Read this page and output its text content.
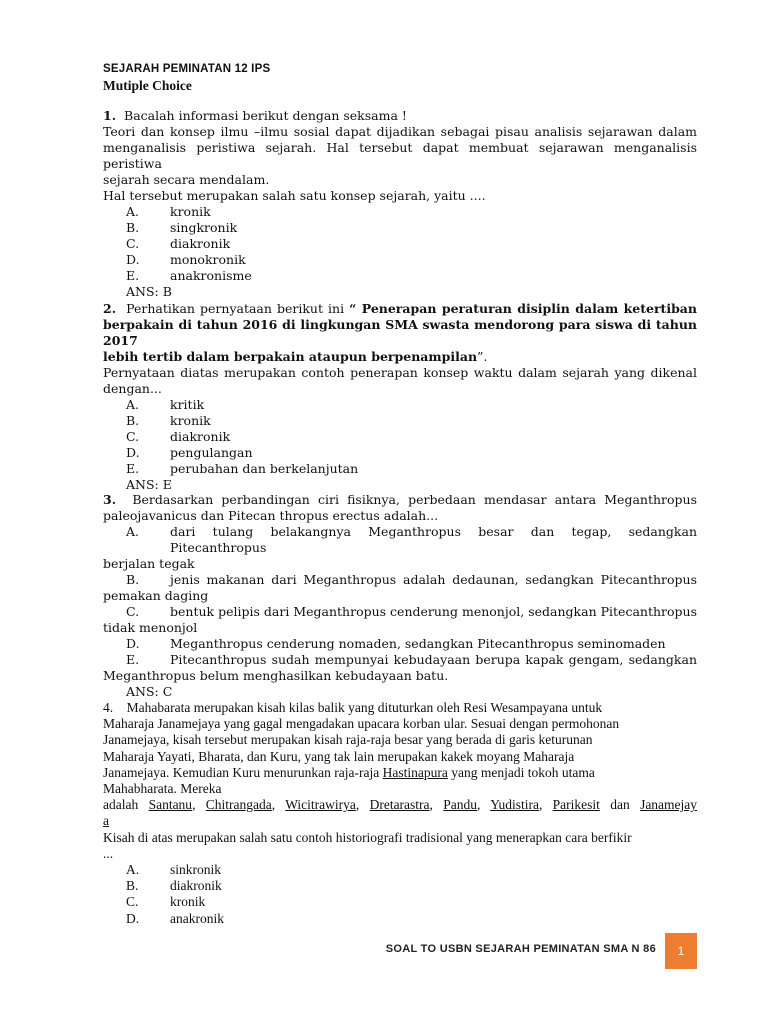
SEJARAH PEMINATAN 12 IPS
Mutiple Choice
1. Bacalah informasi berikut dengan seksama !
Teori dan konsep ilmu –ilmu sosial dapat dijadikan sebagai pisau analisis sejarawan dalam
menganalisis peristiwa sejarah. Hal tersebut dapat membuat sejarawan menganalisis peristiwa
sejarah secara mendalam.
Hal tersebut merupakan salah satu konsep sejarah, yaitu ....
A. kronik
B. singkronik
C. diakronik
D. monokronik
E. anakronisme
ANS: B
2. Perhatikan pernyataan berikut ini “ Penerapan peraturan disiplin dalam ketertiban
berpakain di tahun 2016 di lingkungan SMA swasta mendorong para siswa di tahun 2017
lebih tertib dalam berpakain ataupun berpenampilan”.
Pernyataan diatas merupakan contoh penerapan konsep waktu dalam sejarah yang dikenal
dengan...
A. kritik
B. kronik
C. diakronik
D. pengulangan
E. perubahan dan berkelanjutan
ANS: E
3. Berdasarkan perbandingan ciri fisiknya, perbedaan mendasar antara Meganthropus
paleojavanicus dan Pitecan thropus erectus adalah...
A. dari tulang belakangnya Meganthropus besar dan tegap, sedangkan Pitecanthropus
berjalan tegak
B. jenis makanan dari Meganthropus adalah dedaunan, sedangkan Pitecanthropus
pemakan daging
C. bentuk pelipis dari Meganthropus cenderung menonjol, sedangkan Pitecanthropus
tidak menonjol
D. Meganthropus cenderung nomaden, sedangkan Pitecanthropus seminomaden
E. Pitecanthropus sudah mempunyai kebudayaan berupa kapak gengam, sedangkan
Meganthropus belum menghasilkan kebudayaan batu.
ANS: C
4.    Mahabarata merupakan kisah kilas balik yang dituturkan oleh Resi Wesampayana untuk
Maharaja Janamejaya yang gagal mengadakan upacara korban ular. Sesuai dengan permohonan
Janamejaya, kisah tersebut merupakan kisah raja-raja besar yang berada di garis keturunan
Maharaja Yayati, Bharata, dan Kuru, yang tak lain merupakan kakek moyang Maharaja
Janamejaya. Kemudian Kuru menurunkan raja-raja Hastinapura yang menjadi tokoh utama
Mahabharata. Mereka
adalah Santanu, Chitrangada, Wicitrawirya, Dretarastra, Pandu, Yudistira, Parikesit dan Janamejay
a
Kisah di atas merupakan salah satu contoh historiografi tradisional yang menerapkan cara berfikir
...
A. sinkronik
B. diakronik
C. kronik
D. anakronik
SOAL TO USBN SEJARAH PEMINATAN SMA N 86	1
